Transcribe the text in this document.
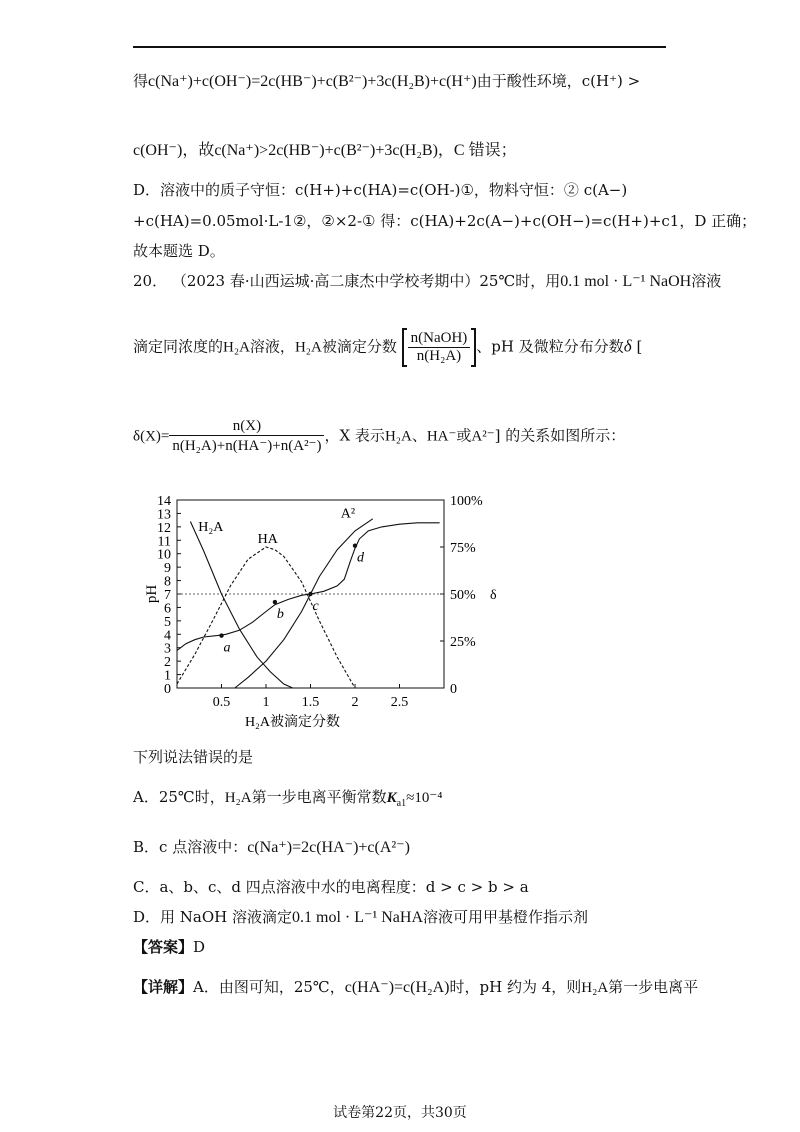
得c(Na⁺)+c(OH⁻)=2c(HB⁻)+c(B²⁻)+3c(H₂B)+c(H⁺)由于酸性环境，c(H⁺) >
c(OH⁻)，故c(Na⁺)>2c(HB⁻)+c(B²⁻)+3c(H₂B)，C 错误；
D．溶液中的质子守恒：c(H+)+c(HA)=c(OH-)①，物料守恒：② c(A−)
+c(HA)=0.05mol·L-1②，②×2-① 得：c(HA)+2c(A−)+c(OH−)=c(H+)+c1，D 正确；
故本题选 D。
20． （2023 春·山西运城·高二康杰中学校考期中）25℃时，用0.1 mol · L⁻¹ NaOH溶液
滴定同浓度的H₂A溶液，H₂A被滴定分数 $\frac{\text{n(NaOH)}}{\text{n(H₂A)}}$ 、pH 及微粒分布分数δ [
$\delta(X)= \frac{n(X)}{\text{n(H₂A)+n(HA⁻)+n(A²⁻)}}$ ，X 表示H₂A、HA⁻或A²⁻] 的关系如图所示：
0
1
2
3
4
5
6
7
8
9
10
11
12
13
14
0
25%
50%
75%
100%
δ
0.5 1 1.5 2 2.5
H₂A被滴定分数
pH
H₂A
HA
A²
a
b
c
d
下列说法错误的是
A．25℃时，H₂A第一步电离平衡常数$K_{a1}\approx 10^{-4}$
B．c 点溶液中：c(Na⁺)=2c(HA⁻)+c(A²⁻)
C．a、b、c、d 四点溶液中水的电离程度：d > c > b > a
D．用 NaOH 溶液滴定0.1 mol · L⁻¹ NaHA溶液可用甲基橙作指示剂
【答案】D
【详解】A．由图可知，25℃，c(HA⁻)=c(H₂A)时，pH 约为 4，则H₂A第一步电离平
试卷第22页，共30页
